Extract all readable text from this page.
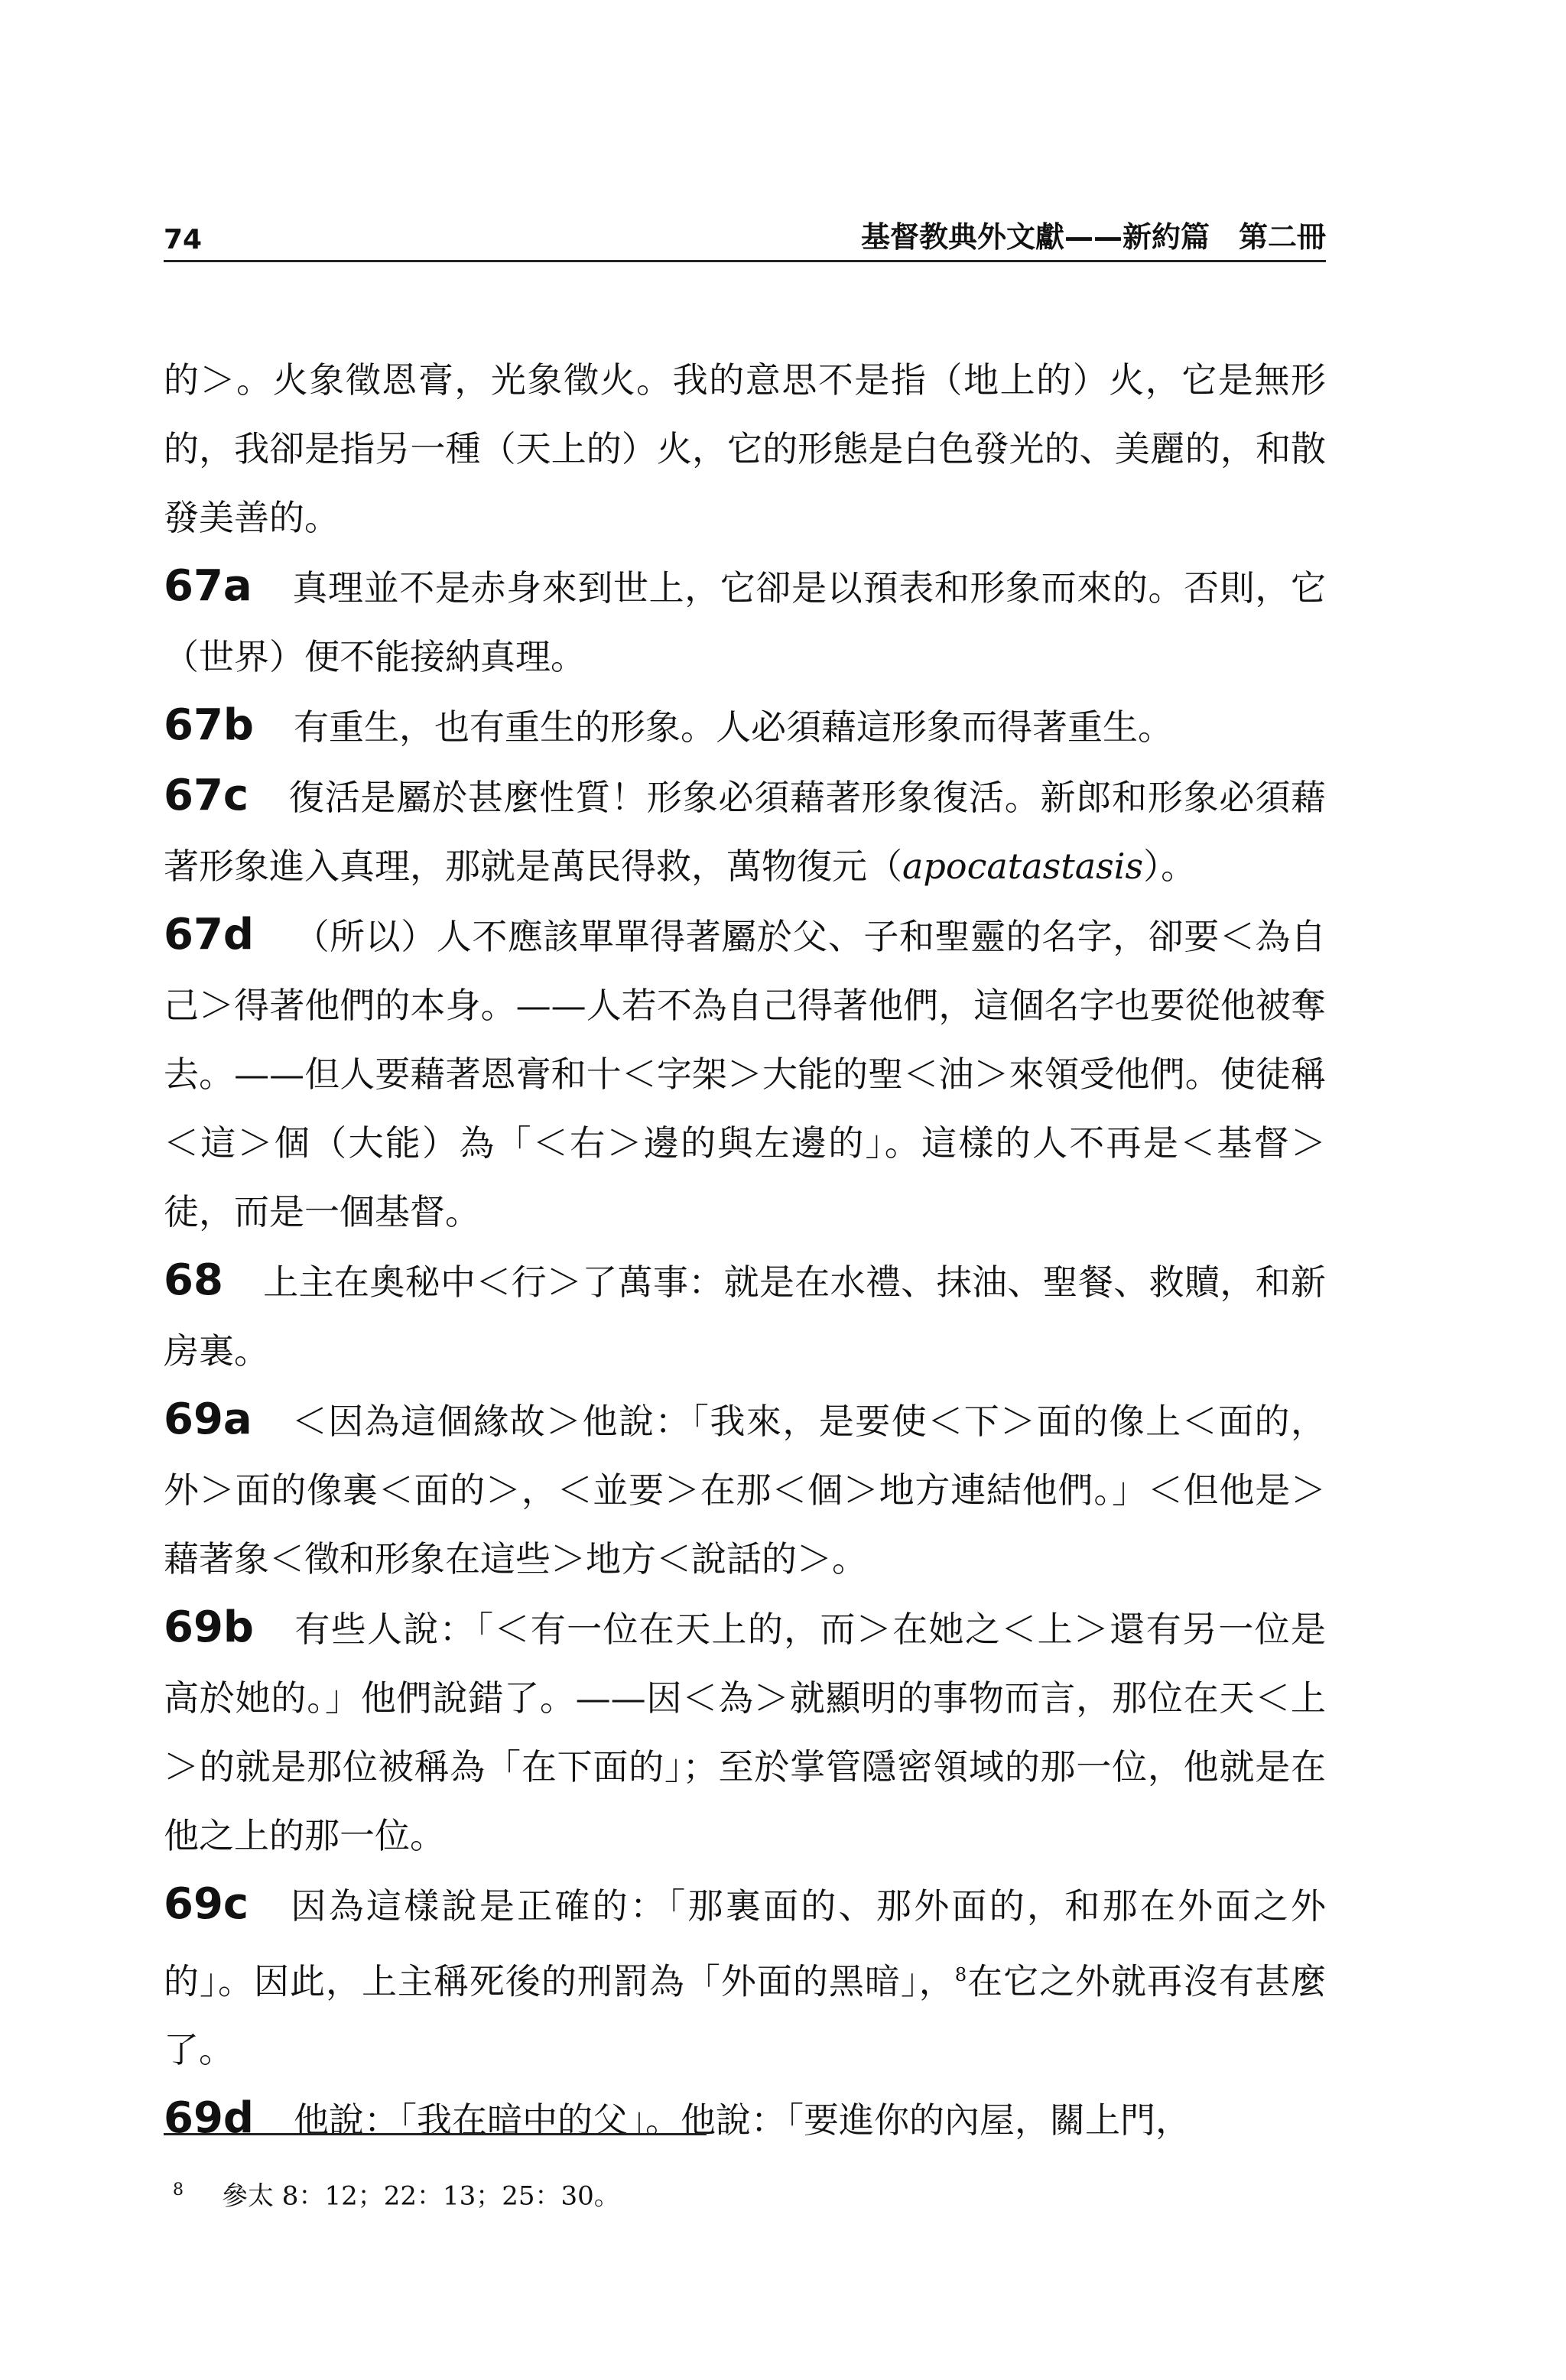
74	基督教典外文獻——新約篇　第二冊

的＞。火象徵恩膏，光象徵火。我的意思不是指（地上的）火，它是無形的，我卻是指另一種（天上的）火，它的形態是白色發光的、美麗的，和散發美善的。

67a 真理並不是赤身來到世上，它卻是以預表和形象而來的。否則，它（世界）便不能接納真理。

67b 有重生，也有重生的形象。人必須藉這形象而得著重生。

67c 復活是屬於甚麼性質！形象必須藉著形象復活。新郎和形象必須藉著形象進入真理，那就是萬民得救，萬物復元（apocatastasis）。

67d （所以）人不應該單單得著屬於父、子和聖靈的名字，卻要＜為自己＞得著他們的本身。——人若不為自己得著他們，這個名字也要從他被奪去。——但人要藉著恩膏和十＜字架＞大能的聖＜油＞來領受他們。使徒稱＜這＞個（大能）為「＜右＞邊的與左邊的」。這樣的人不再是＜基督＞徒，而是一個基督。

68 上主在奧秘中＜行＞了萬事：就是在水禮、抹油、聖餐、救贖，和新房裏。

69a ＜因為這個緣故＞他說：「我來，是要使＜下＞面的像上＜面的，外＞面的像裏＜面的＞，＜並要＞在那＜個＞地方連結他們。」＜但他是＞藉著象＜徵和形象在這些＞地方＜說話的＞。

69b 有些人說：「＜有一位在天上的，而＞在她之＜上＞還有另一位是高於她的。」他們說錯了。——因＜為＞就顯明的事物而言，那位在天＜上＞的就是那位被稱為「在下面的」；至於掌管隱密領域的那一位，他就是在他之上的那一位。

69c 因為這樣說是正確的：「那裏面的、那外面的，和那在外面之外的」。因此，上主稱死後的刑罰為「外面的黑暗」，$^8$在它之外就再沒有甚麼了。

69d 他說：「我在暗中的父」。他說：「要進你的內屋，關上門，

$^8$ 參太 8：12；22：13；25：30。
